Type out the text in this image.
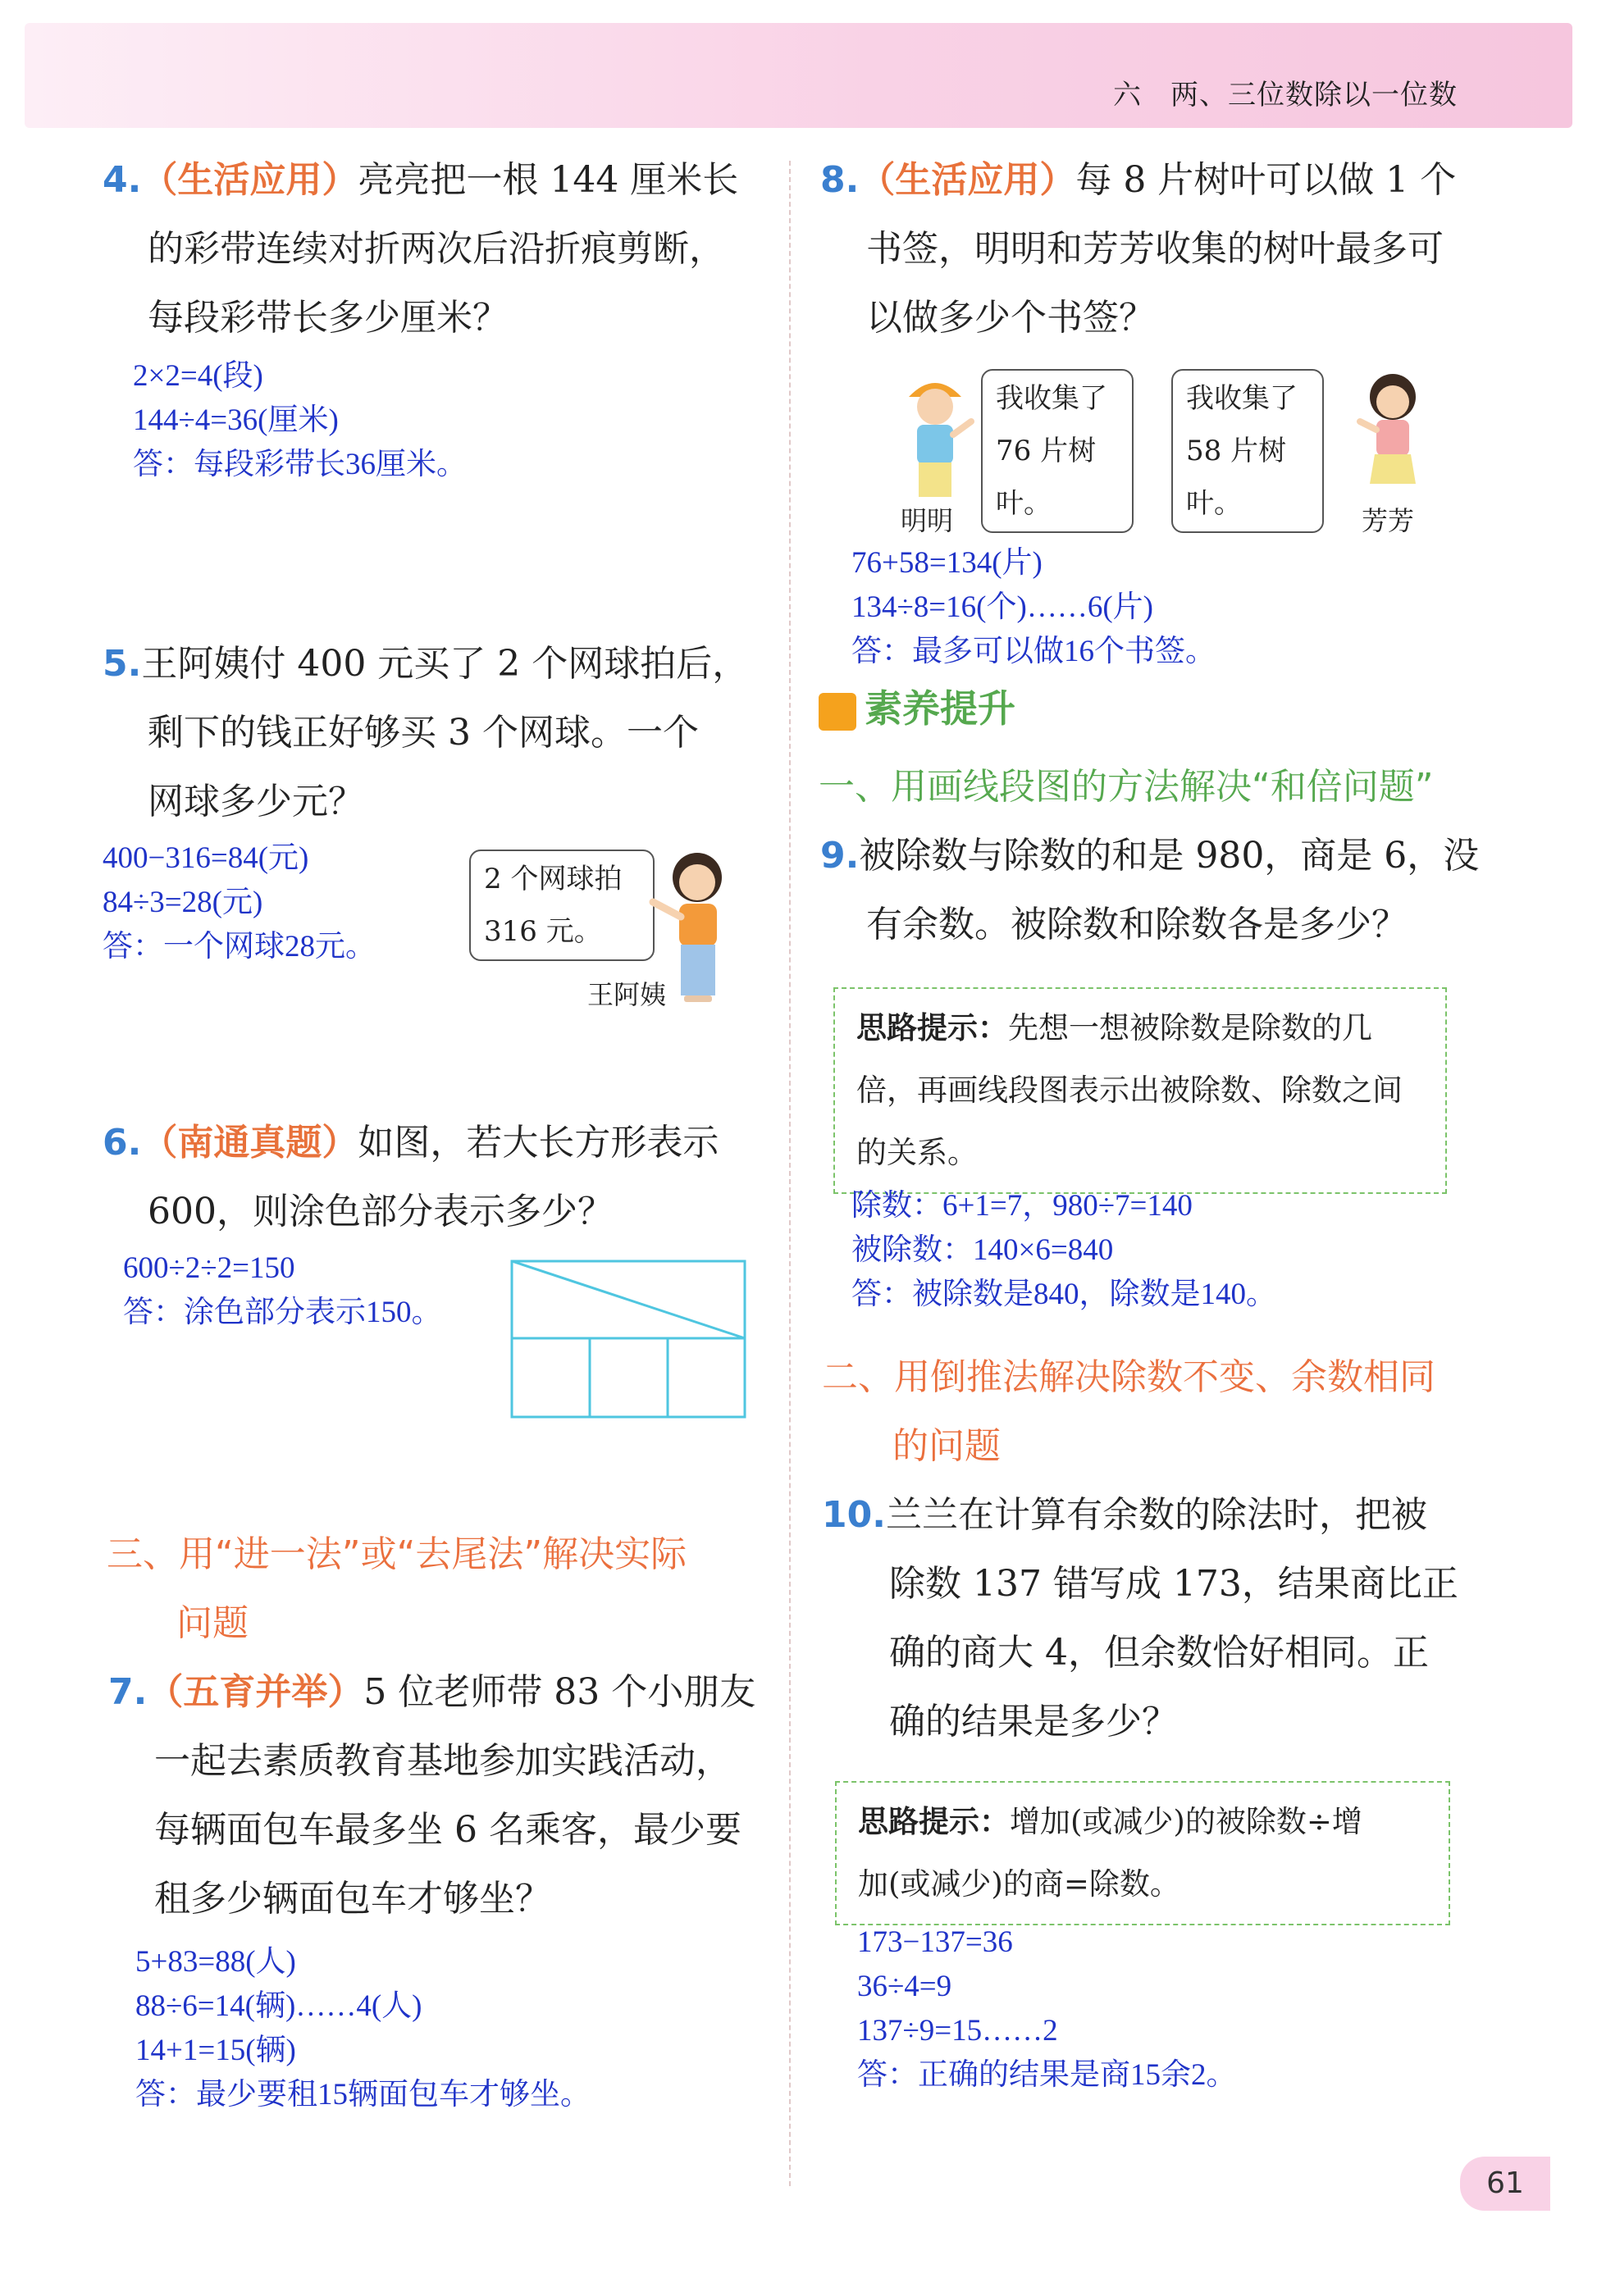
六　两、三位数除以一位数
4.（生活应用）亮亮把一根 144 厘米长
的彩带连续对折两次后沿折痕剪断，
每段彩带长多少厘米？
2×2=4(段)
144÷4=36(厘米)
答：每段彩带长36厘米。
5.王阿姨付 400 元买了 2 个网球拍后，
剩下的钱正好够买 3 个网球。一个
网球多少元？
400−316=84(元)
84÷3=28(元)
答：一个网球28元。
2 个网球拍
316 元。
王阿姨
6.（南通真题）如图，若大长方形表示
600，则涂色部分表示多少？
600÷2÷2=150
答：涂色部分表示150。
三、用“进一法”或“去尾法”解决实际
问题
7.（五育并举）5 位老师带 83 个小朋友
一起去素质教育基地参加实践活动，
每辆面包车最多坐 6 名乘客，最少要
租多少辆面包车才够坐？
5+83=88(人)
88÷6=14(辆)……4(人)
14+1=15(辆)
答：最少要租15辆面包车才够坐。
8.（生活应用）每 8 片树叶可以做 1 个
书签，明明和芳芳收集的树叶最多可
以做多少个书签？
我收集了
76 片树叶。
我收集了
58 片树叶。
明明	芳芳
76+58=134(片)
134÷8=16(个)……6(片)
答：最多可以做16个书签。
素养提升
一、用画线段图的方法解决“和倍问题”
9.被除数与除数的和是 980，商是 6，没
有余数。被除数和除数各是多少？
思路提示：先想一想被除数是除数的几
倍，再画线段图表示出被除数、除数之间
的关系。
除数：6+1=7，980÷7=140
被除数：140×6=840
答：被除数是840，除数是140。
二、用倒推法解决除数不变、余数相同
的问题
10.兰兰在计算有余数的除法时，把被
除数 137 错写成 173，结果商比正
确的商大 4，但余数恰好相同。正
确的结果是多少？
思路提示：增加(或减少)的被除数÷增
加(或减少)的商=除数。
173−137=36
36÷4=9
137÷9=15……2
答：正确的结果是商15余2。
61
